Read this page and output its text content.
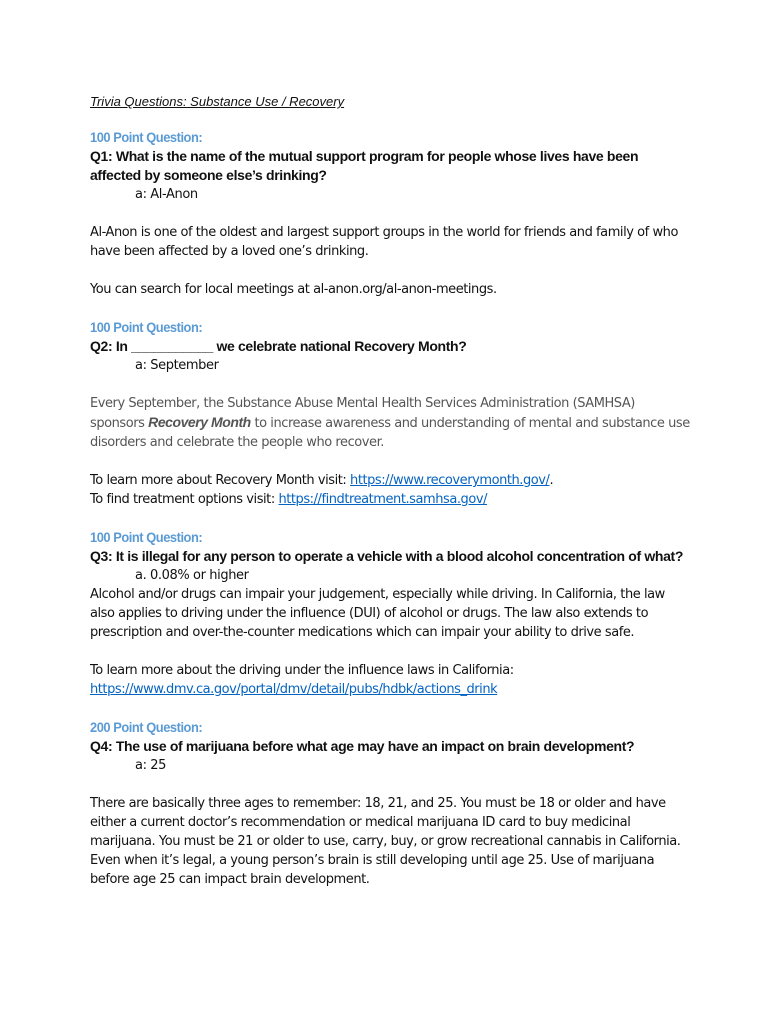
Trivia Questions: Substance Use / Recovery
100 Point Question:
Q1: What is the name of the mutual support program for people whose lives have been affected by someone else’s drinking?
a: Al-Anon
Al-Anon is one of the oldest and largest support groups in the world for friends and family of who have been affected by a loved one’s drinking.
You can search for local meetings at al-anon.org/al-anon-meetings.
100 Point Question:
Q2: In ___________ we celebrate national Recovery Month?
a: September
Every September, the Substance Abuse Mental Health Services Administration (SAMHSA) sponsors Recovery Month to increase awareness and understanding of mental and substance use disorders and celebrate the people who recover.
To learn more about Recovery Month visit: https://www.recoverymonth.gov/.
To find treatment options visit: https://findtreatment.samhsa.gov/
100 Point Question:
Q3: It is illegal for any person to operate a vehicle with a blood alcohol concentration of what?
a. 0.08% or higher
Alcohol and/or drugs can impair your judgement, especially while driving. In California, the law also applies to driving under the influence (DUI) of alcohol or drugs. The law also extends to prescription and over-the-counter medications which can impair your ability to drive safe.
To learn more about the driving under the influence laws in California:
https://www.dmv.ca.gov/portal/dmv/detail/pubs/hdbk/actions_drink
200 Point Question:
Q4: The use of marijuana before what age may have an impact on brain development?
a: 25
There are basically three ages to remember: 18, 21, and 25. You must be 18 or older and have either a current doctor’s recommendation or medical marijuana ID card to buy medicinal marijuana. You must be 21 or older to use, carry, buy, or grow recreational cannabis in California. Even when it’s legal, a young person’s brain is still developing until age 25. Use of marijuana before age 25 can impact brain development.
